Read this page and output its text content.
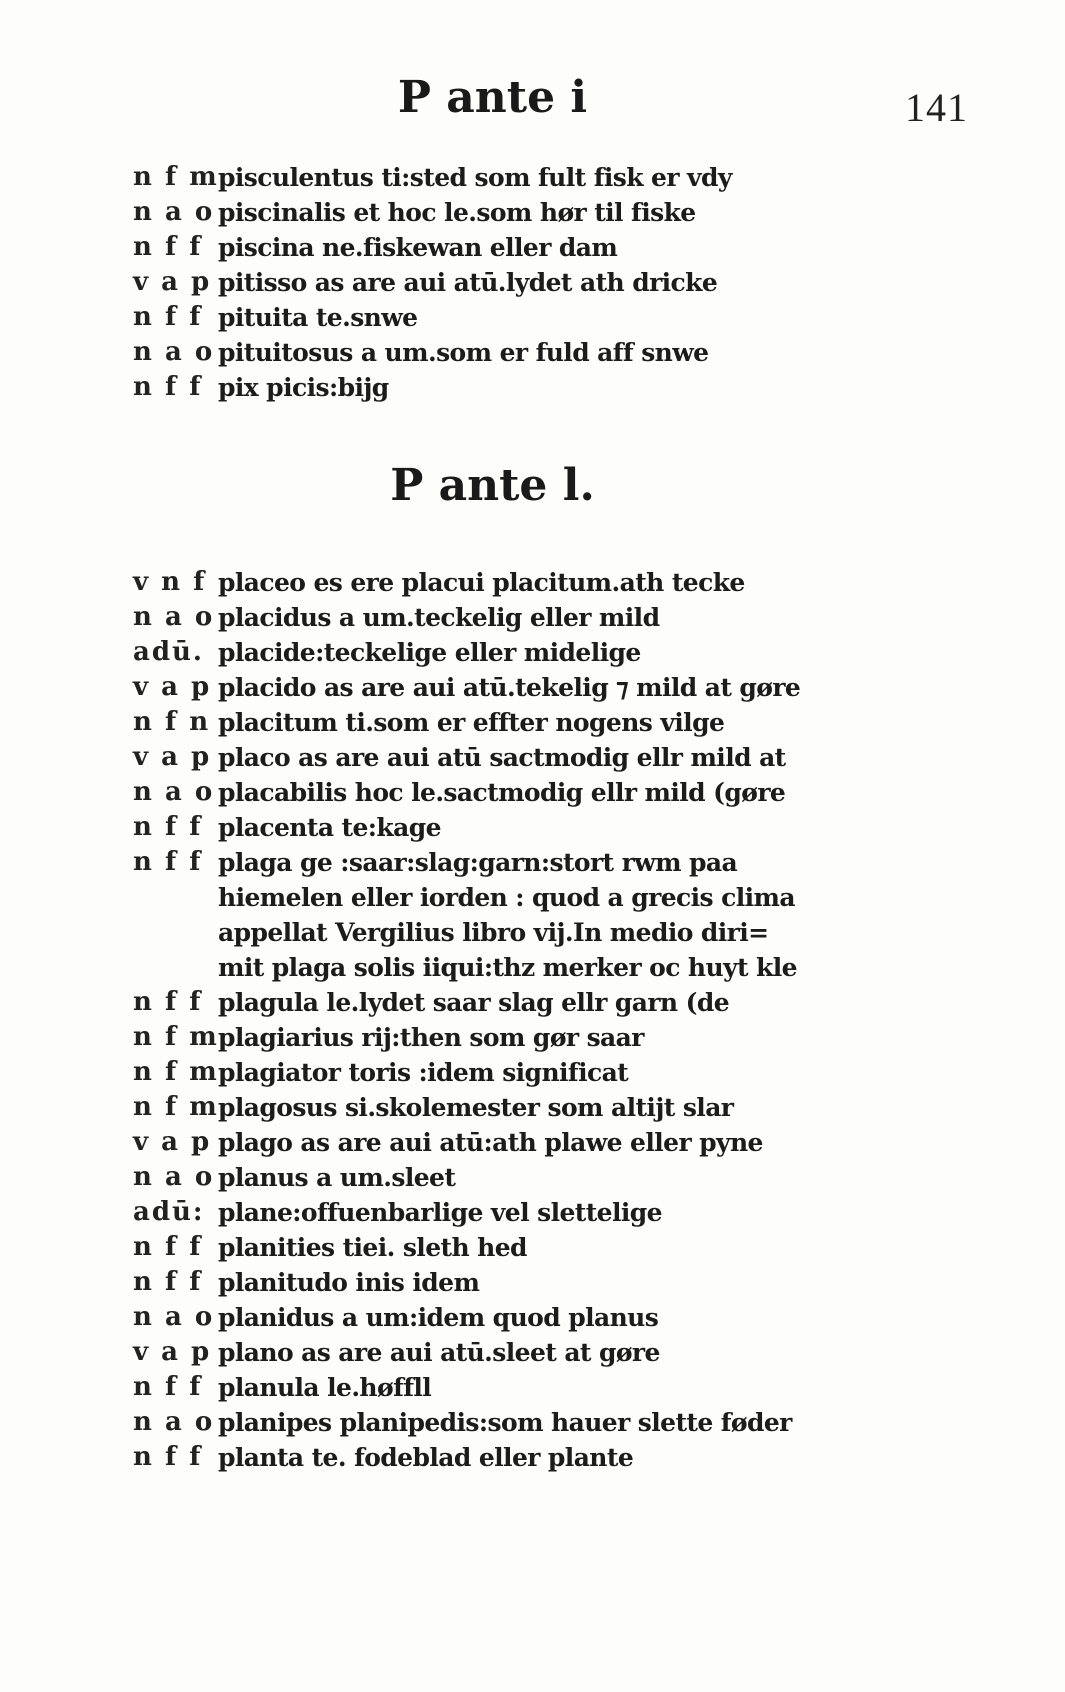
141
P ante i
n f m pisculentus ti:sted som fult fisk er vdy
n a o piscinalis et hoc le.som hør til fiske
n f f piscina ne.fiskewan eller dam
v a p pitisso as are aui atū.lydet ath dricke
n f f pituita te.snwe
n a o pituitosus a um.som er fuld aff snwe
n f f pix picis:bijg
P ante l.
v n f placeo es ere placui placitum.ath tecke
n a o placidus a um.teckelig eller mild
adū. placide:teckelige eller midelige
v a p placido as are aui atū.tekelig ⁊ mild at gøre
n f n placitum ti.som er effter nogens vilge
v a p placo as are aui atū sactmodig ellr mild at
n a o placabilis hoc le.sactmodig ellr mild (gøre
n f f placenta te:kage
n f f plaga ge :saar:slag:garn:stort rwm paa
hiemelen eller iorden : quod a grecis clima
appellat Vergilius libro vij.In medio diri=
mit plaga solis iiqui:thz merker oc huyt kle
n f f plagula le.lydet saar slag ellr garn (de
n f m plagiarius rij:then som gør saar
n f m plagiator toris :idem significat
n f m plagosus si.skolemester som altijt slar
v a p plago as are aui atū:ath plawe eller pyne
n a o planus a um.sleet
adū: plane:offuenbarlige vel slettelige
n f f planities tiei. sleth hed
n f f planitudo inis idem
n a o planidus a um:idem quod planus
v a p plano as are aui atū.sleet at gøre
n f f planula le.høffll
n a o planipes planipedis:som hauer slette føder
n f f planta te. fodeblad eller plante
